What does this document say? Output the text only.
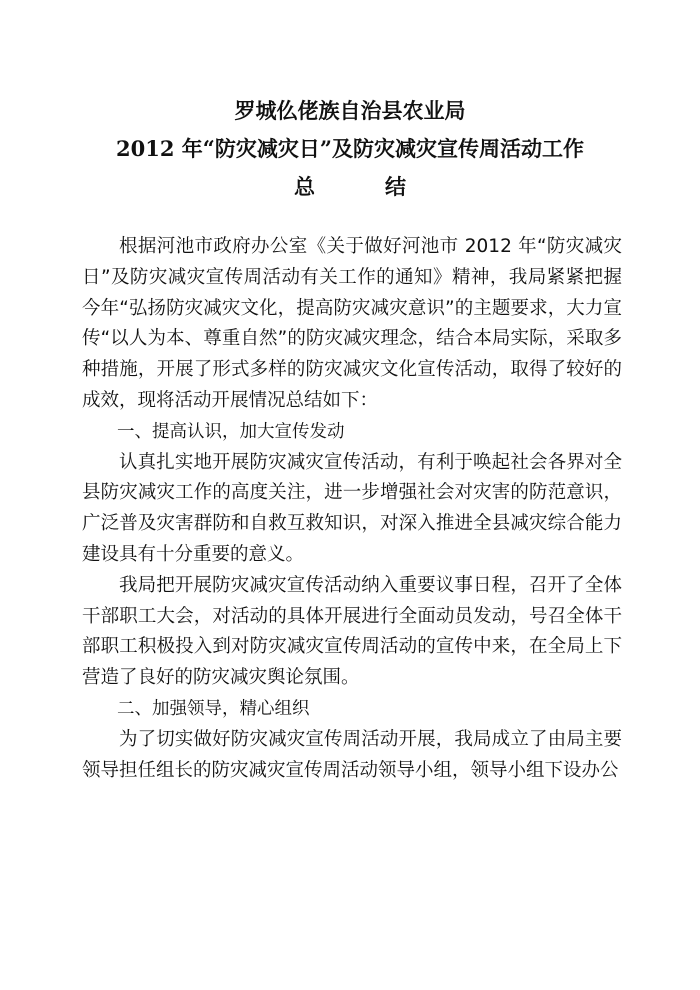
罗城仫佬族自治县农业局
2012 年“防灾减灾日”及防灾减灾宣传周活动工作
总	结

根据河池市政府办公室《关于做好河池市 2012 年“防灾减灾日”及防灾减灾宣传周活动有关工作的通知》精神，我局紧紧把握今年“弘扬防灾减灾文化，提高防灾减灾意识”的主题要求，大力宣传“以人为本、尊重自然”的防灾减灾理念，结合本局实际，采取多种措施，开展了形式多样的防灾减灾文化宣传活动，取得了较好的成效，现将活动开展情况总结如下：

一、提高认识，加大宣传发动

认真扎实地开展防灾减灾宣传活动，有利于唤起社会各界对全县防灾减灾工作的高度关注，进一步增强社会对灾害的防范意识，广泛普及灾害群防和自救互救知识，对深入推进全县减灾综合能力建设具有十分重要的意义。

我局把开展防灾减灾宣传活动纳入重要议事日程，召开了全体干部职工大会，对活动的具体开展进行全面动员发动，号召全体干部职工积极投入到对防灾减灾宣传周活动的宣传中来，在全局上下营造了良好的防灾减灾舆论氛围。

二、加强领导，精心组织

为了切实做好防灾减灾宣传周活动开展，我局成立了由局主要领导担任组长的防灾减灾宣传周活动领导小组，领导小组下设办公
